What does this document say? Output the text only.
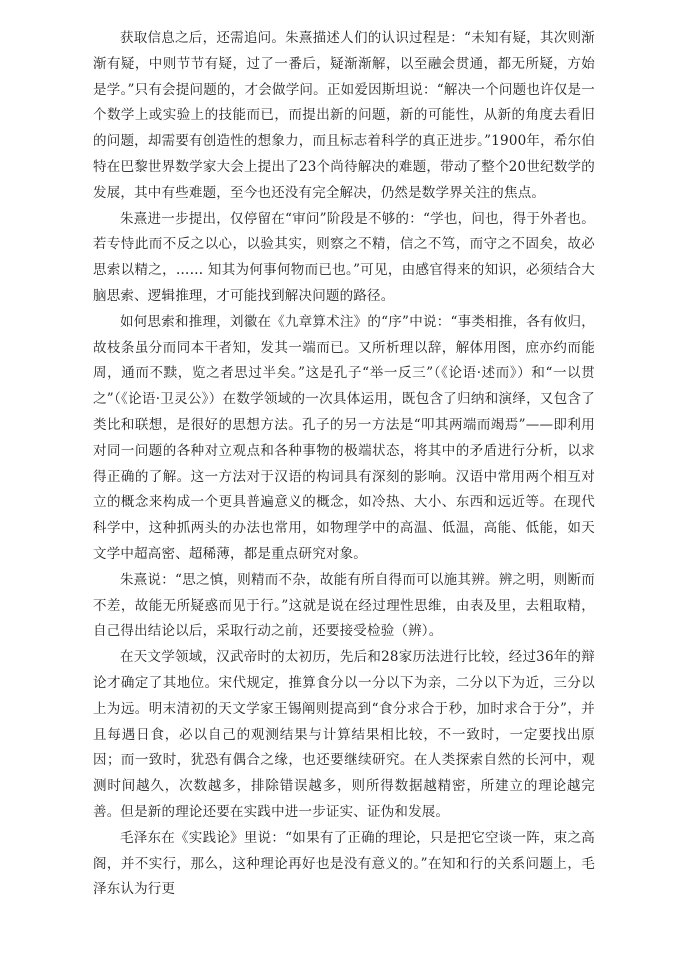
获取信息之后，还需追问。朱熹描述人们的认识过程是：“未知有疑，其次则渐渐有疑，中则节节有疑，过了一番后，疑渐渐解，以至融会贯通，都无所疑，方始是学。”只有会提问题的，才会做学问。正如爱因斯坦说：“解决一个问题也许仅是一个数学上或实验上的技能而已，而提出新的问题，新的可能性，从新的角度去看旧的问题，却需要有创造性的想象力，而且标志着科学的真正进步。”1900年，希尔伯特在巴黎世界数学家大会上提出了23个尚待解决的难题，带动了整个20世纪数学的发展，其中有些难题，至今也还没有完全解决，仍然是数学界关注的焦点。

朱熹进一步提出，仅停留在“审问”阶段是不够的：“学也，问也，得于外者也。若专恃此而不反之以心，以验其实，则察之不精，信之不笃，而守之不固矣，故必思索以精之，…… 知其为何事何物而已也。”可见，由感官得来的知识，必须结合大脑思索、逻辑推理，才可能找到解决问题的路径。

如何思索和推理，刘徽在《九章算术注》的“序”中说：“事类相推，各有攸归，故枝条虽分而同本干者知，发其一端而已。又所析理以辞，解体用图，庶亦约而能周，通而不黩，览之者思过半矣。”这是孔子“举一反三”（《论语·述而》）和“一以贯之”（《论语·卫灵公》）在数学领域的一次具体运用，既包含了归纳和演绎，又包含了类比和联想，是很好的思想方法。孔子的另一方法是“叩其两端而竭焉”——即利用对同一问题的各种对立观点和各种事物的极端状态，将其中的矛盾进行分析，以求得正确的了解。这一方法对于汉语的构词具有深刻的影响。汉语中常用两个相互对立的概念来构成一个更具普遍意义的概念，如冷热、大小、东西和远近等。在现代科学中，这种抓两头的办法也常用，如物理学中的高温、低温，高能、低能，如天文学中超高密、超稀薄，都是重点研究对象。

朱熹说：“思之慎，则精而不杂，故能有所自得而可以施其辨。辨之明，则断而不差，故能无所疑惑而见于行。”这就是说在经过理性思维，由表及里，去粗取精，自己得出结论以后，采取行动之前，还要接受检验（辨）。

在天文学领域，汉武帝时的太初历，先后和28家历法进行比较，经过36年的辩论才确定了其地位。宋代规定，推算食分以一分以下为亲，二分以下为近，三分以上为远。明末清初的天文学家王锡阐则提高到“食分求合于秒，加时求合于分”，并且每遇日食，必以自己的观测结果与计算结果相比较，不一致时，一定要找出原因；而一致时，犹恐有偶合之缘，也还要继续研究。在人类探索自然的长河中，观测时间越久，次数越多，排除错误越多，则所得数据越精密，所建立的理论越完善。但是新的理论还要在实践中进一步证实、证伪和发展。

毛泽东在《实践论》里说：“如果有了正确的理论，只是把它空谈一阵，束之高阁，并不实行，那么，这种理论再好也是没有意义的。”在知和行的关系问题上，毛泽东认为行更
